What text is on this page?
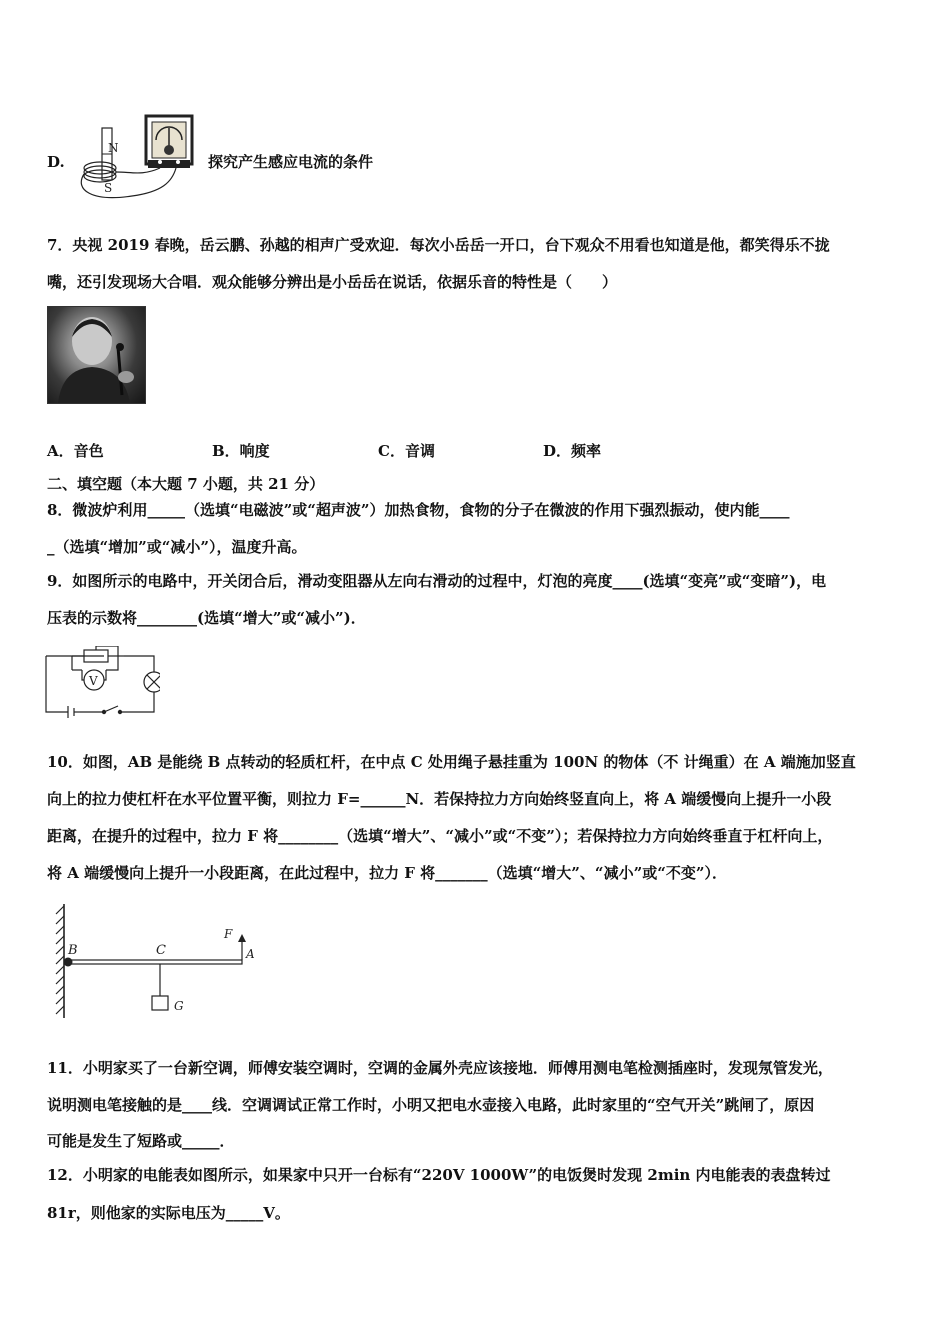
D.
N
S
探究产生感应电流的条件
7．央视 2019 春晚，岳云鹏、孙越的相声广受欢迎．每次小岳岳一开口，台下观众不用看也知道是他，都笑得乐不拢
嘴，还引发现场大合唱．观众能够分辨出是小岳岳在说话，依据乐音的特性是（　　）
A．音色	B．响度	C．音调	D．频率
二、填空题（本大题 7 小题，共 21 分）
8．微波炉利用_____（选填“电磁波”或“超声波”）加热食物，食物的分子在微波的作用下强烈振动，使内能____
_（选填“增加”或“减小”），温度升高。
9．如图所示的电路中，开关闭合后，滑动变阻器从左向右滑动的过程中，灯泡的亮度____(选填“变亮”或“变暗”)，电
压表的示数将________(选填“增大”或“减小”)．
V
10．如图，AB 是能绕 B 点转动的轻质杠杆，在中点 C 处用绳子悬挂重为 100N 的物体（不 计绳重）在 A 端施加竖直
向上的拉力使杠杆在水平位置平衡，则拉力 F=______N．若保持拉力方向始终竖直向上，将 A 端缓慢向上提升一小段
距离，在提升的过程中，拉力 F 将________（选填“增大”、“减小”或“不变”）；若保持拉力方向始终垂直于杠杆向上，
将 A 端缓慢向上提升一小段距离，在此过程中，拉力 F 将_______（选填“增大”、“减小”或“不变”）．
B	C	A
F
G
11．小明家买了一台新空调，师傅安装空调时，空调的金属外壳应该接地．师傅用测电笔检测插座时，发现氖管发光，
说明测电笔接触的是____线．空调调试正常工作时，小明又把电水壶接入电路，此时家里的“空气开关”跳闸了，原因
可能是发生了短路或_____．
12．小明家的电能表如图所示，如果家中只开一台标有“220V 1000W”的电饭煲时发现 2min 内电能表的表盘转过
81r，则他家的实际电压为_____V。
